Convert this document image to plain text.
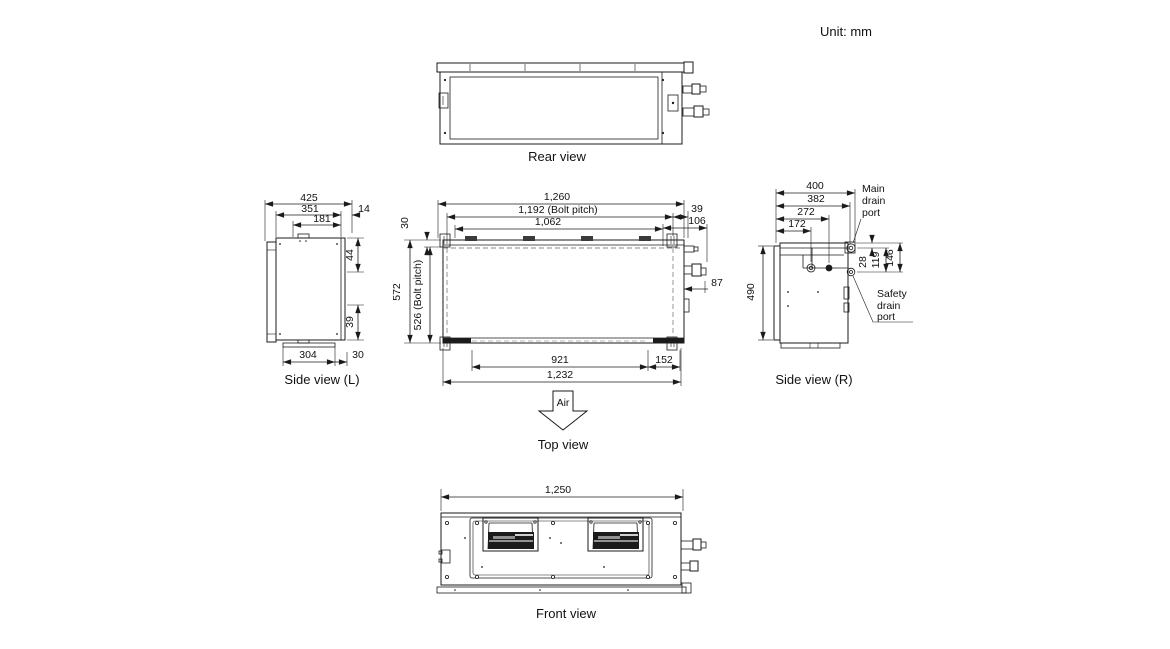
Unit: mm
Rear view
425
351	14
181
44
39
304	30
Side view (L)
Air
1,260
1,192 (Bolt pitch)
1,062
39
106
30
572 526 (Bolt pitch)	87
921	152
1,232
Top view
400
382
272
172
490
28 119 146
Main
drain
port
Safety
drain
port
Side view (R)
1,250
Front view
